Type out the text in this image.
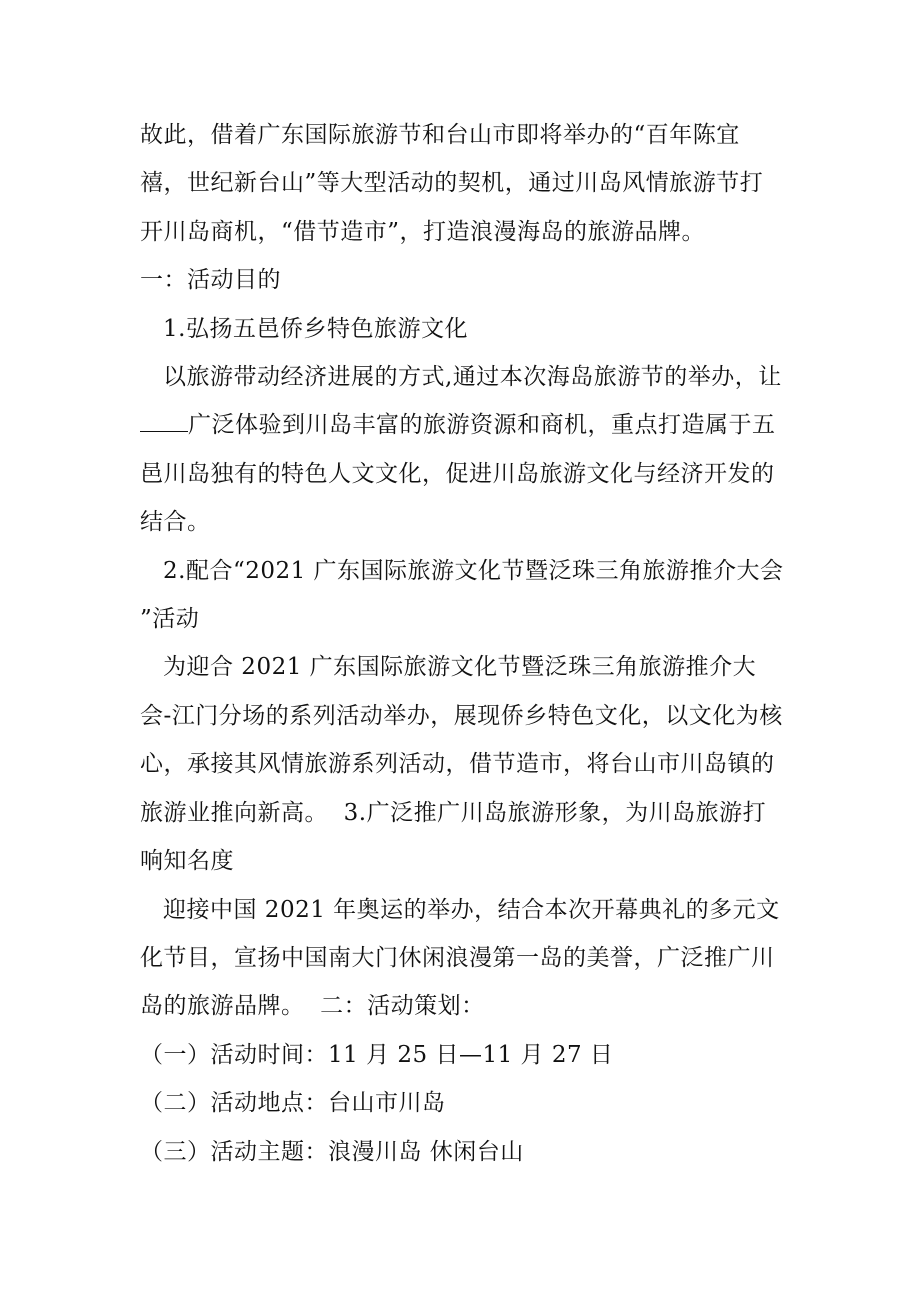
故此，借着广东国际旅游节和台山市即将举办的“百年陈宜禧，世纪新台山”等大型活动的契机，通过川岛风情旅游节打开川岛商机，“借节造市”，打造浪漫海岛的旅游品牌。

一：活动目的

1.弘扬五邑侨乡特色旅游文化

以旅游带动经济进展的方式,通过本次海岛旅游节的举办，让广泛体验到川岛丰富的旅游资源和商机，重点打造属于五邑川岛独有的特色人文文化，促进川岛旅游文化与经济开发的结合。

2.配合“2021 广东国际旅游文化节暨泛珠三角旅游推介大会 ”活动

为迎合 2021 广东国际旅游文化节暨泛珠三角旅游推介大会-江门分场的系列活动举办，展现侨乡特色文化，以文化为核心，承接其风情旅游系列活动，借节造市，将台山市川岛镇的旅游业推向新高。  3.广泛推广川岛旅游形象，为川岛旅游打响知名度

迎接中国 2021 年奥运的举办，结合本次开幕典礼的多元文化节目，宣扬中国南大门休闲浪漫第一岛的美誉，广泛推广川岛的旅游品牌。  二：活动策划：

（一）活动时间：11 月 25 日—11 月 27 日

（二）活动地点：台山市川岛

（三）活动主题：浪漫川岛 休闲台山
